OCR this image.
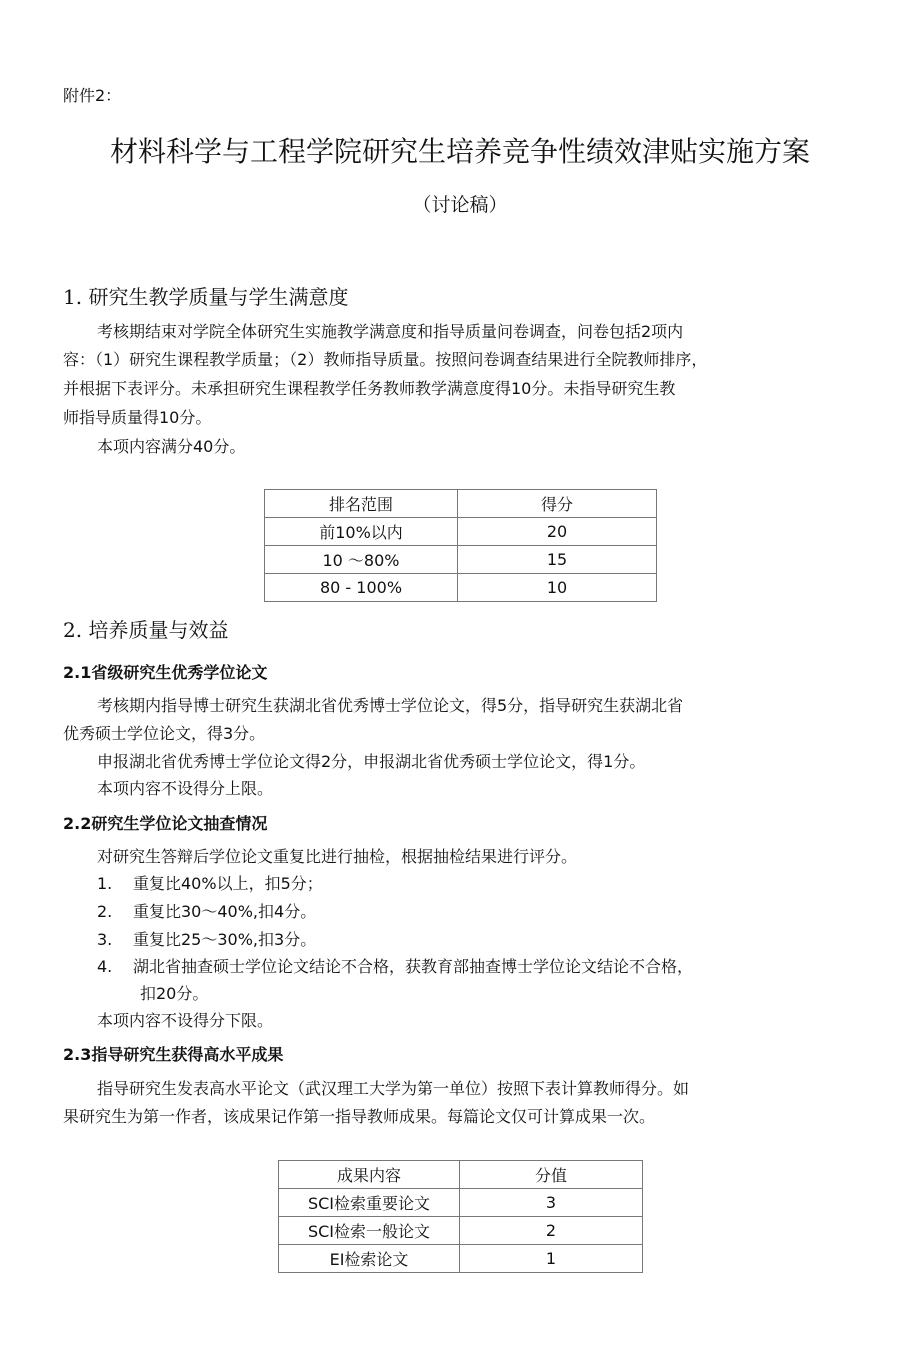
附件2：
材料科学与工程学院研究生培养竞争性绩效津贴实施方案
（讨论稿）
1. 研究生教学质量与学生满意度
考核期结束对学院全体研究生实施教学满意度和指导质量问卷调查，问卷包括2项内
容：（1）研究生课程教学质量；（2）教师指导质量。按照问卷调查结果进行全院教师排序，
并根据下表评分。未承担研究生课程教学任务教师教学满意度得10分。未指导研究生教
师指导质量得10分。
本项内容满分40分。
排名范围	得分
前10%以内	20
10 ～80%	15
80 - 100%	10
2. 培养质量与效益
2.1省级研究生优秀学位论文
考核期内指导博士研究生获湖北省优秀博士学位论文，得5分，指导研究生获湖北省
优秀硕士学位论文，得3分。
申报湖北省优秀博士学位论文得2分，申报湖北省优秀硕士学位论文，得1分。
本项内容不设得分上限。
2.2研究生学位论文抽查情况
对研究生答辩后学位论文重复比进行抽检，根据抽检结果进行评分。
1. 重复比40%以上，扣5分；
2. 重复比30～40%,扣4分。
3. 重复比25～30%,扣3分。
4. 湖北省抽查硕士学位论文结论不合格，获教育部抽查博士学位论文结论不合格，
扣20分。
本项内容不设得分下限。
2.3指导研究生获得高水平成果
指导研究生发表高水平论文（武汉理工大学为第一单位）按照下表计算教师得分。如
果研究生为第一作者，该成果记作第一指导教师成果。每篇论文仅可计算成果一次。
成果内容	分值
SCI检索重要论文	3
SCI检索一般论文	2
EI检索论文	1
